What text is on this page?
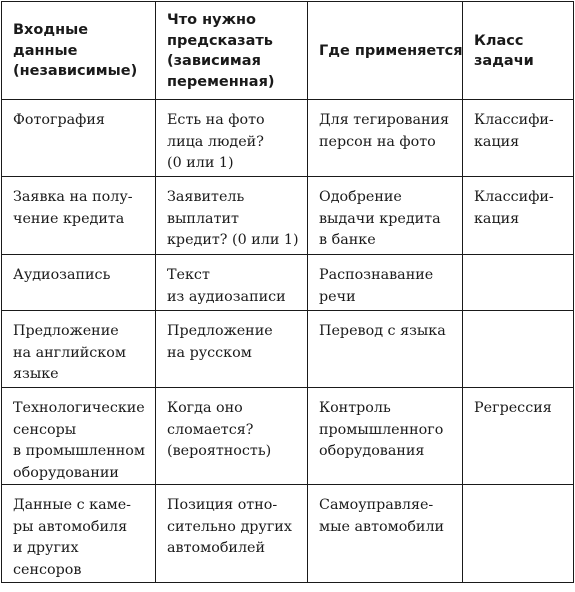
Входные
данные
(независимые)	Что нужно
предсказать
(зависимая
переменная)	Где применяется	Класс
задачи

Фотография	Есть на фото
лица людей?
(0 или 1)	Для тегирования
персон на фото	Классифи-
кация

Заявка на полу-
чение кредита	Заявитель
выплатит
кредит? (0 или 1)	Одобрение
выдачи кредита
в банке	Классифи-
кация

Аудиозапись	Текст
из аудиозаписи	Распознавание
речи	

Предложение
на английском
языке	Предложение
на русском	Перевод с языка	

Технологические
сенсоры
в промышленном
оборудовании	Когда оно
сломается?
(вероятность)	Контроль
промышленного
оборудования	Регрессия

Данные с каме-
ры автомобиля
и других
сенсоров	Позиция отно-
сительно других
автомобилей	Самоуправляе-
мые автомобили	
